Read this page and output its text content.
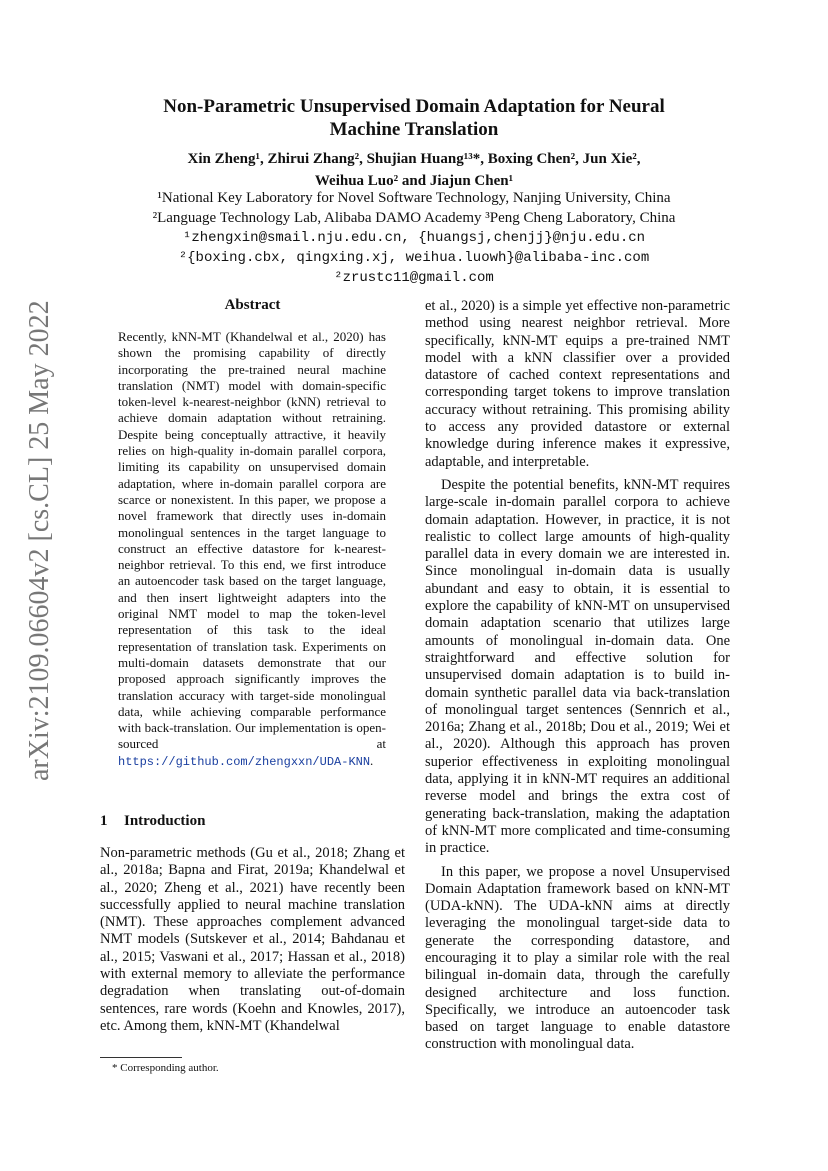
Non-Parametric Unsupervised Domain Adaptation for Neural
Machine Translation
Xin Zheng¹, Zhirui Zhang², Shujian Huang¹³*, Boxing Chen², Jun Xie²,
Weihua Luo² and Jiajun Chen¹
¹National Key Laboratory for Novel Software Technology, Nanjing University, China
²Language Technology Lab, Alibaba DAMO Academy ³Peng Cheng Laboratory, China
¹zhengxin@smail.nju.edu.cn, {huangsj,chenjj}@nju.edu.cn
²{boxing.cbx, qingxing.xj, weihua.luowh}@alibaba-inc.com
²zrustc11@gmail.com
arXiv:2109.06604v2 [cs.CL] 25 May 2022	Abstract
Recently, kNN-MT (Khandelwal et al., 2020) has shown the promising capability of directly incorporating the pre-trained neural machine translation (NMT) model with domain-specific token-level k-nearest-neighbor (kNN) retrieval to achieve domain adaptation without retraining. Despite being conceptually attractive, it heavily relies on high-quality in-domain parallel corpora, limiting its capability on unsupervised domain adaptation, where in-domain parallel corpora are scarce or nonexistent. In this paper, we propose a novel framework that directly uses in-domain monolingual sentences in the target language to construct an effective datastore for k-nearest-neighbor retrieval. To this end, we first introduce an autoencoder task based on the target language, and then insert lightweight adapters into the original NMT model to map the token-level representation of this task to the ideal representation of translation task. Experiments on multi-domain datasets demonstrate that our proposed approach significantly improves the translation accuracy with target-side monolingual data, while achieving comparable performance with back-translation. Our implementation is open-sourced at https://github.com/zhengxxn/UDA-KNN.
1 Introduction

Non-parametric methods (Gu et al., 2018; Zhang et al., 2018a; Bapna and Firat, 2019a; Khandelwal et al., 2020; Zheng et al., 2021) have recently been successfully applied to neural machine translation (NMT). These approaches complement advanced NMT models (Sutskever et al., 2014; Bahdanau et al., 2015; Vaswani et al., 2017; Hassan et al., 2018) with external memory to alleviate the performance degradation when translating out-of-domain sentences, rare words (Koehn and Knowles, 2017), etc. Among them, kNN-MT (Khandelwal

* Corresponding author.

et al., 2020) is a simple yet effective non-parametric method using nearest neighbor retrieval. More specifically, kNN-MT equips a pre-trained NMT model with a kNN classifier over a provided datastore of cached context representations and corresponding target tokens to improve translation accuracy without retraining. This promising ability to access any provided datastore or external knowledge during inference makes it expressive, adaptable, and interpretable.

Despite the potential benefits, kNN-MT requires large-scale in-domain parallel corpora to achieve domain adaptation. However, in practice, it is not realistic to collect large amounts of high-quality parallel data in every domain we are interested in. Since monolingual in-domain data is usually abundant and easy to obtain, it is essential to explore the capability of kNN-MT on unsupervised domain adaptation scenario that utilizes large amounts of monolingual in-domain data. One straightforward and effective solution for unsupervised domain adaptation is to build in-domain synthetic parallel data via back-translation of monolingual target sentences (Sennrich et al., 2016a; Zhang et al., 2018b; Dou et al., 2019; Wei et al., 2020). Although this approach has proven superior effectiveness in exploiting monolingual data, applying it in kNN-MT requires an additional reverse model and brings the extra cost of generating back-translation, making the adaptation of kNN-MT more complicated and time-consuming in practice.

In this paper, we propose a novel Unsupervised Domain Adaptation framework based on kNN-MT (UDA-kNN). The UDA-kNN aims at directly leveraging the monolingual target-side data to generate the corresponding datastore, and encouraging it to play a similar role with the real bilingual in-domain data, through the carefully designed architecture and loss function. Specifically, we introduce an autoencoder task based on target language to enable datastore construction with monolingual data.
